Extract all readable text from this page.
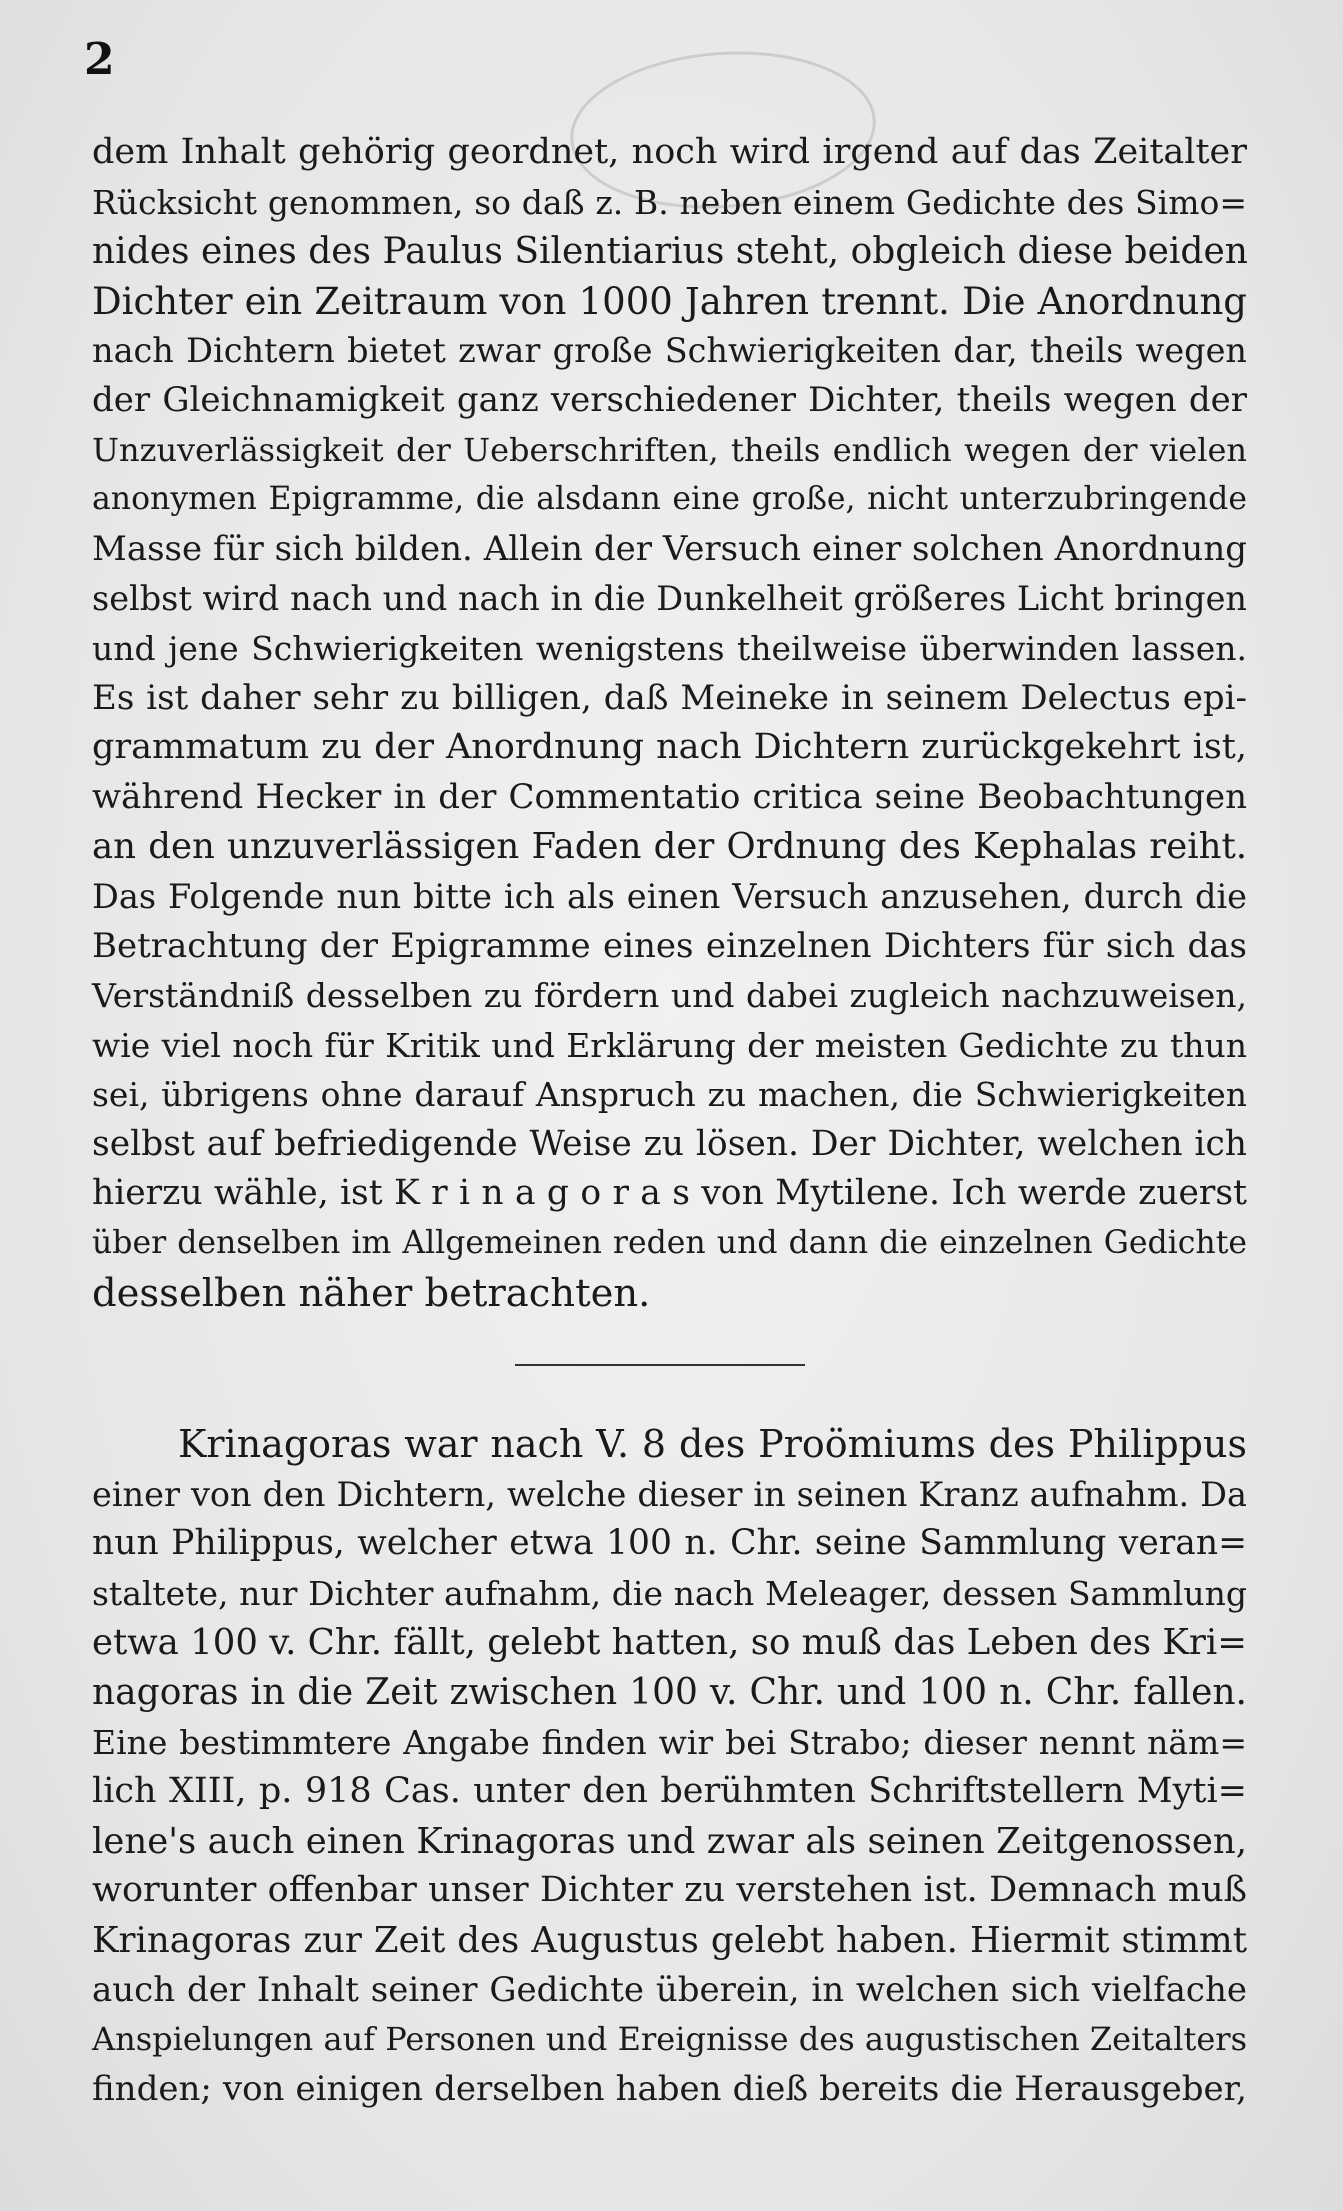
2
dem Inhalt gehörig geordnet, noch wird irgend auf das Zeitalter
Rücksicht genommen, so daß z. B. neben einem Gedichte des Simo=
nides eines des Paulus Silentiarius steht, obgleich diese beiden
Dichter ein Zeitraum von 1000 Jahren trennt. Die Anordnung
nach Dichtern bietet zwar große Schwierigkeiten dar, theils wegen
der Gleichnamigkeit ganz verschiedener Dichter, theils wegen der
Unzuverlässigkeit der Ueberschriften, theils endlich wegen der vielen
anonymen Epigramme, die alsdann eine große, nicht unterzubringende
Masse für sich bilden. Allein der Versuch einer solchen Anordnung
selbst wird nach und nach in die Dunkelheit größeres Licht bringen
und jene Schwierigkeiten wenigstens theilweise überwinden lassen.
Es ist daher sehr zu billigen, daß Meineke in seinem Delectus epi-
grammatum zu der Anordnung nach Dichtern zurückgekehrt ist,
während Hecker in der Commentatio critica seine Beobachtungen
an den unzuverlässigen Faden der Ordnung des Kephalas reiht.
Das Folgende nun bitte ich als einen Versuch anzusehen, durch die
Betrachtung der Epigramme eines einzelnen Dichters für sich das
Verständniß desselben zu fördern und dabei zugleich nachzuweisen,
wie viel noch für Kritik und Erklärung der meisten Gedichte zu thun
sei, übrigens ohne darauf Anspruch zu machen, die Schwierigkeiten
selbst auf befriedigende Weise zu lösen. Der Dichter, welchen ich
hierzu wähle, ist K r i n a g o r a s von Mytilene. Ich werde zuerst
über denselben im Allgemeinen reden und dann die einzelnen Gedichte
desselben näher betrachten.
Krinagoras war nach V. 8 des Proömiums des Philippus
einer von den Dichtern, welche dieser in seinen Kranz aufnahm. Da
nun Philippus, welcher etwa 100 n. Chr. seine Sammlung veran=
staltete, nur Dichter aufnahm, die nach Meleager, dessen Sammlung
etwa 100 v. Chr. fällt, gelebt hatten, so muß das Leben des Kri=
nagoras in die Zeit zwischen 100 v. Chr. und 100 n. Chr. fallen.
Eine bestimmtere Angabe finden wir bei Strabo; dieser nennt näm=
lich XIII, p. 918 Cas. unter den berühmten Schriftstellern Myti=
lene's auch einen Krinagoras und zwar als seinen Zeitgenossen,
worunter offenbar unser Dichter zu verstehen ist. Demnach muß
Krinagoras zur Zeit des Augustus gelebt haben. Hiermit stimmt
auch der Inhalt seiner Gedichte überein, in welchen sich vielfache
Anspielungen auf Personen und Ereignisse des augustischen Zeitalters
finden; von einigen derselben haben dieß bereits die Herausgeber,
